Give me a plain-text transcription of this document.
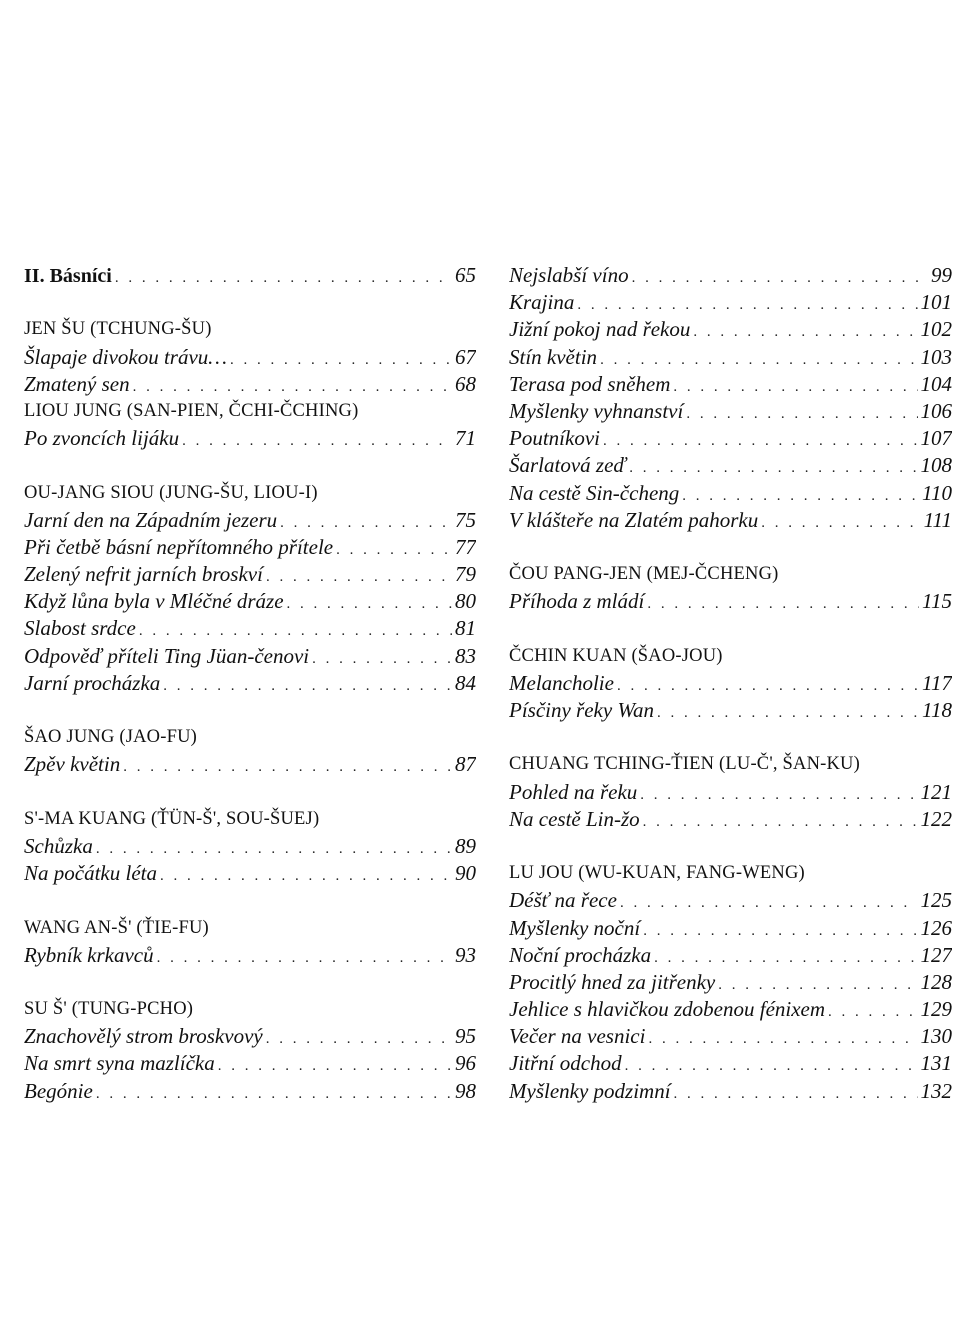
II. Básníci . . .	65
JEN ŠU (TCHUNG-ŠU)
Šlapaje divokou trávu… . . .	67
Zmatený sen . . .	68
LIOU JUNG (SAN-PIEN, ČCHI-ČCHING)
Po zvoncích lijáku . . .	71
OU-JANG SIOU (JUNG-ŠU, LIOU-I)
Jarní den na Západním jezeru . . .	75
Při četbě básní nepřítomného přítele . . .	77
Zelený nefrit jarních broskví . . .	79
Když lůna byla v Mléčné dráze . . .	80
Slabost srdce . . .	81
Odpověď příteli Ting Jüan-čenovi . . .	83
Jarní procházka . . .	84
ŠAO JUNG (JAO-FU)
Zpěv květin . . .	87
S'-MA KUANG (ŤÜN-Š', SOU-ŠUEJ)
Schůzka . . .	89
Na počátku léta . . .	90
WANG AN-Š' (ŤIE-FU)
Rybník krkavců . . .	93
SU Š' (TUNG-PCHO)
Znachovělý strom broskvový . . .	95
Na smrt syna mazlíčka . . .	96
Begónie . . .	98
Nejslabší víno . . .	99
Krajina . . .	101
Jižní pokoj nad řekou . . .	102
Stín květin . . .	103
Terasa pod sněhem . . .	104
Myšlenky vyhnanství . . .	106
Poutníkovi . . .	107
Šarlatová zeď . . .	108
Na cestě Sin-čcheng . . .	110
V klášteře na Zlatém pahorku . . .	111
ČOU PANG-JEN (MEJ-ČCHENG)
Příhoda z mládí . . .	115
ČCHIN KUAN (ŠAO-JOU)
Melancholie . . .	117
Písčiny řeky Wan . . .	118
CHUANG TCHING-ŤIEN (LU-Č', ŠAN-KU)
Pohled na řeku . . .	121
Na cestě Lin-žo . . .	122
LU JOU (WU-KUAN, FANG-WENG)
Déšť na řece . . .	125
Myšlenky noční . . .	126
Noční procházka . . .	127
Procitlý hned za jitřenky . . .	128
Jehlice s hlavičkou zdobenou fénixem . . .	129
Večer na vesnici . . .	130
Jitřní odchod . . .	131
Myšlenky podzimní . . .	132
